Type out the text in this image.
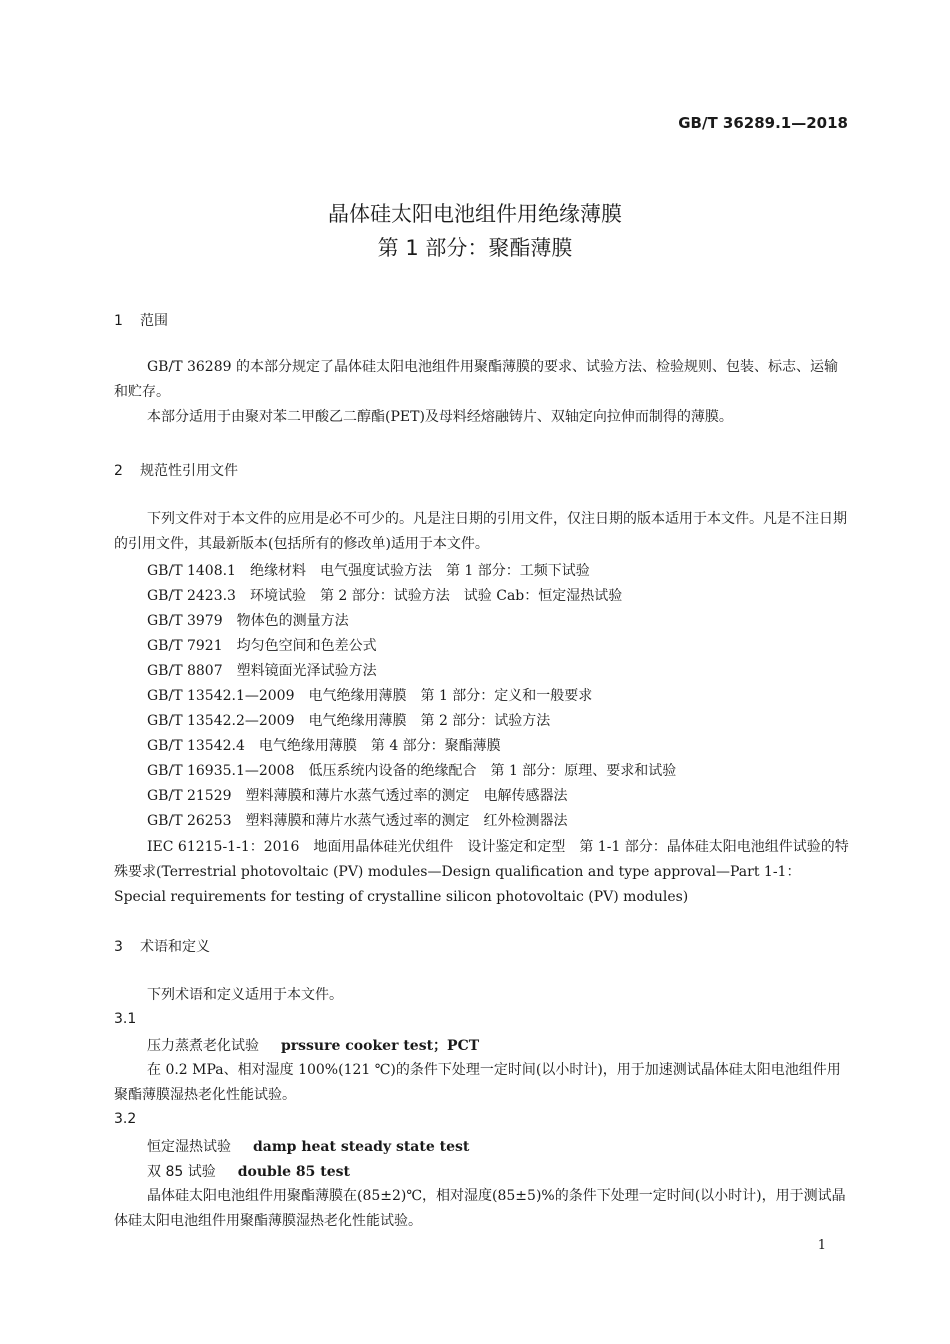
GB/T 36289.1—2018
晶体硅太阳电池组件用绝缘薄膜
第 1 部分：聚酯薄膜
1 范围
GB/T 36289 的本部分规定了晶体硅太阳电池组件用聚酯薄膜的要求、试验方法、检验规则、包装、标志、运输和贮存。
本部分适用于由聚对苯二甲酸乙二醇酯(PET)及母料经熔融铸片、双轴定向拉伸而制得的薄膜。
2 规范性引用文件
下列文件对于本文件的应用是必不可少的。凡是注日期的引用文件，仅注日期的版本适用于本文件。凡是不注日期的引用文件，其最新版本(包括所有的修改单)适用于本文件。
GB/T 1408.1 绝缘材料　电气强度试验方法　第 1 部分：工频下试验
GB/T 2423.3 环境试验　第 2 部分：试验方法　试验 Cab：恒定湿热试验
GB/T 3979 物体色的测量方法
GB/T 7921 均匀色空间和色差公式
GB/T 8807 塑料镜面光泽试验方法
GB/T 13542.1—2009 电气绝缘用薄膜　第 1 部分：定义和一般要求
GB/T 13542.2—2009 电气绝缘用薄膜　第 2 部分：试验方法
GB/T 13542.4 电气绝缘用薄膜　第 4 部分：聚酯薄膜
GB/T 16935.1—2008 低压系统内设备的绝缘配合　第 1 部分：原理、要求和试验
GB/T 21529 塑料薄膜和薄片水蒸气透过率的测定　电解传感器法
GB/T 26253 塑料薄膜和薄片水蒸气透过率的测定　红外检测器法
IEC 61215-1-1：2016　地面用晶体硅光伏组件　设计鉴定和定型　第 1-1 部分：晶体硅太阳电池组件试验的特殊要求(Terrestrial photovoltaic (PV) modules—Design qualification and type approval—Part 1-1：Special requirements for testing of crystalline silicon photovoltaic (PV) modules)
3 术语和定义
下列术语和定义适用于本文件。
3.1
压力蒸煮老化试验 prssure cooker test；PCT
在 0.2 MPa、相对湿度 100%(121 ℃)的条件下处理一定时间(以小时计)，用于加速测试晶体硅太阳电池组件用聚酯薄膜湿热老化性能试验。
3.2
恒定湿热试验 damp heat steady state test
双 85 试验 double 85 test
晶体硅太阳电池组件用聚酯薄膜在(85±2)℃，相对湿度(85±5)%的条件下处理一定时间(以小时计)，用于测试晶体硅太阳电池组件用聚酯薄膜湿热老化性能试验。
1
